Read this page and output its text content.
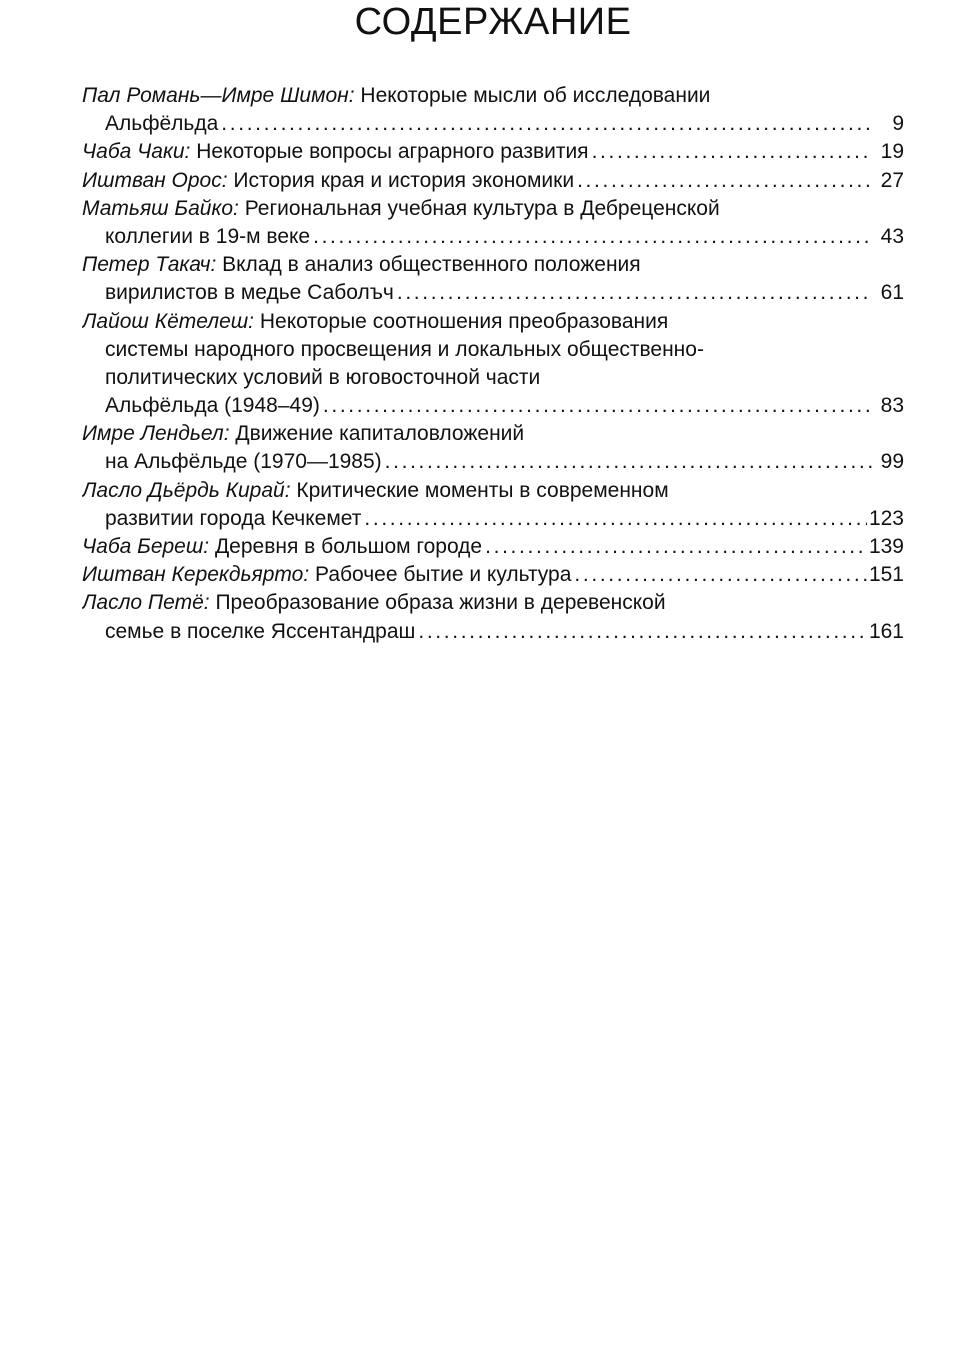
СОДЕРЖАНИЕ
Пал Романь—Имре Шимон: Некоторые мысли об исследовании
Альфёльда . . .	9
Чаба Чаки: Некоторые вопросы аграрного развития . . .	19
Иштван Орос: История края и история экономики . . .	27
Матьяш Байко: Региональная учебная культура в Дебреценской
коллегии в 19-м веке . . .	43
Петер Такач: Вклад в анализ общественного положения
вирилистов в медье Саболъч . . .	61
Лайош Кётелеш: Некоторые соотношения преобразования
системы народного просвещения и локальных общественно-
политических условий в юговосточной части
Альфёльда (1948–49) . . .	83
Имре Лендьел: Движение капиталовложений
на Альфёльде (1970—1985) . . .	99
Ласло Дьёрдь Кирай: Критические моменты в современном
развитии города Кечкемет . . .	123
Чаба Береш: Деревня в большом городе . . .	139
Иштван Керекдьярто: Рабочее бытие и культура . . .	151
Ласло Петё: Преобразование образа жизни в деревенской
семье в поселке Яссентандраш . . .	161
